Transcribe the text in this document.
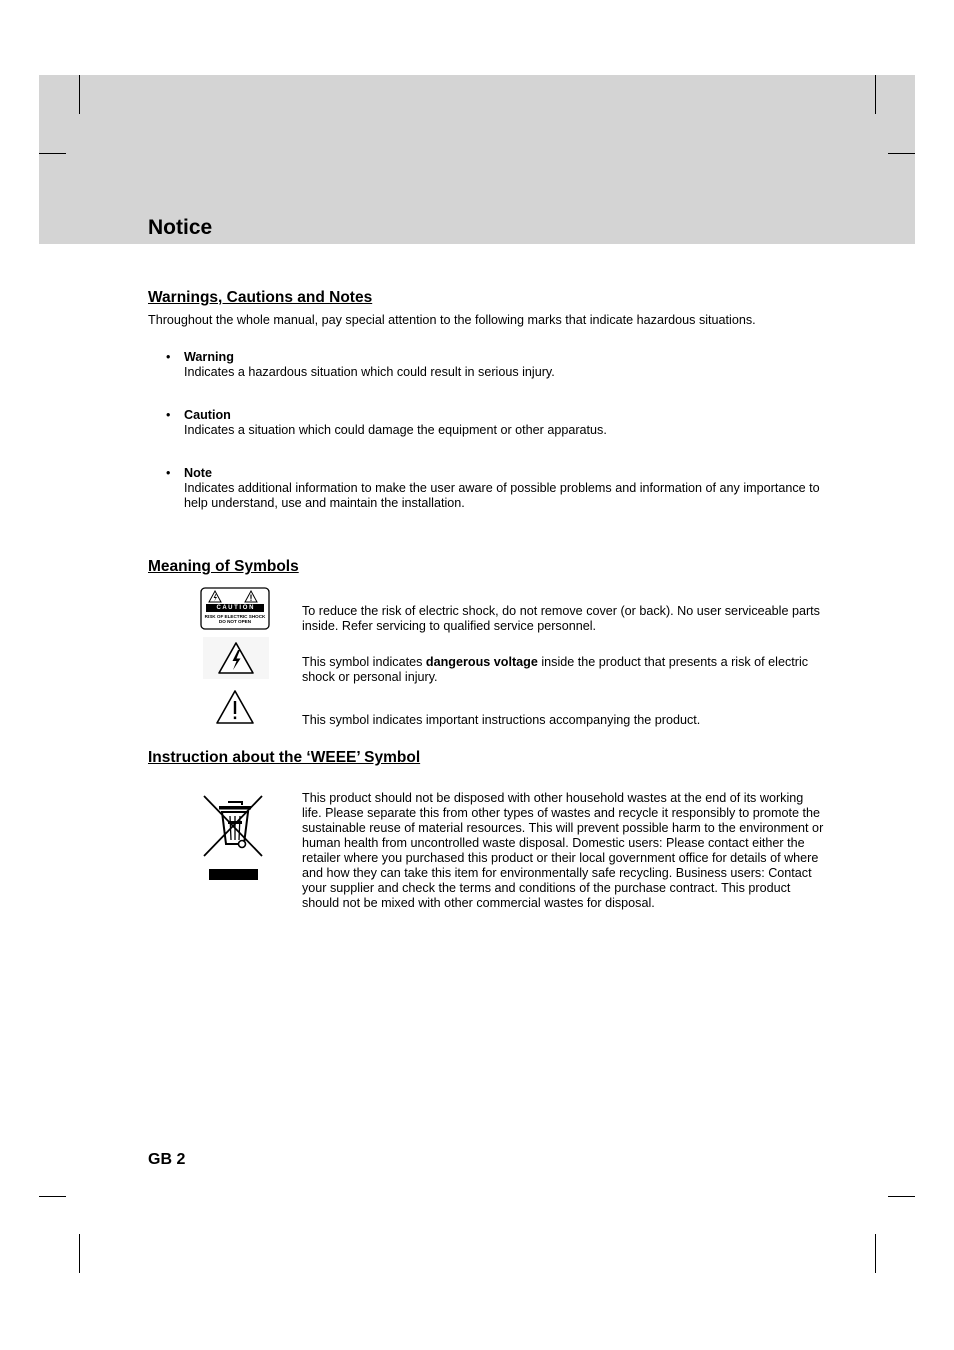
Notice
Warnings, Cautions and Notes

Throughout the whole manual, pay special attention to the following marks that indicate hazardous situations.

• Warning

Indicates a hazardous situation which could result in serious injury.

• Caution

Indicates a situation which could damage the equipment or other apparatus.

• Note

Indicates additional information to make the user aware of possible problems and information of any importance to help understand, use and maintain the installation.

Meaning of Symbols
C A U T I O N
RISK OF ELECTRIC SHOCK
DO NOT OPEN

To reduce the risk of electric shock, do not remove cover (or back). No user serviceable parts inside. Refer servicing to qualified service personnel.

This symbol indicates dangerous voltage inside the product that presents a risk of electric shock or personal injury.

This symbol indicates important instructions accompanying the product.

Instruction about the ‘WEEE’ Symbol

This product should not be disposed with other household wastes at the end of its working life. Please separate this from other types of wastes and recycle it responsibly to promote the sustainable reuse of material resources. This will prevent possible harm to the environment or human health from uncontrolled waste disposal. Domestic users: Please contact either the retailer where you purchased this product or their local government office for details of where and how they can take this item for environmentally safe recycling. Business users: Contact your supplier and check the terms and conditions of the purchase contract. This product should not be mixed with other commercial wastes for disposal.

GB 2
